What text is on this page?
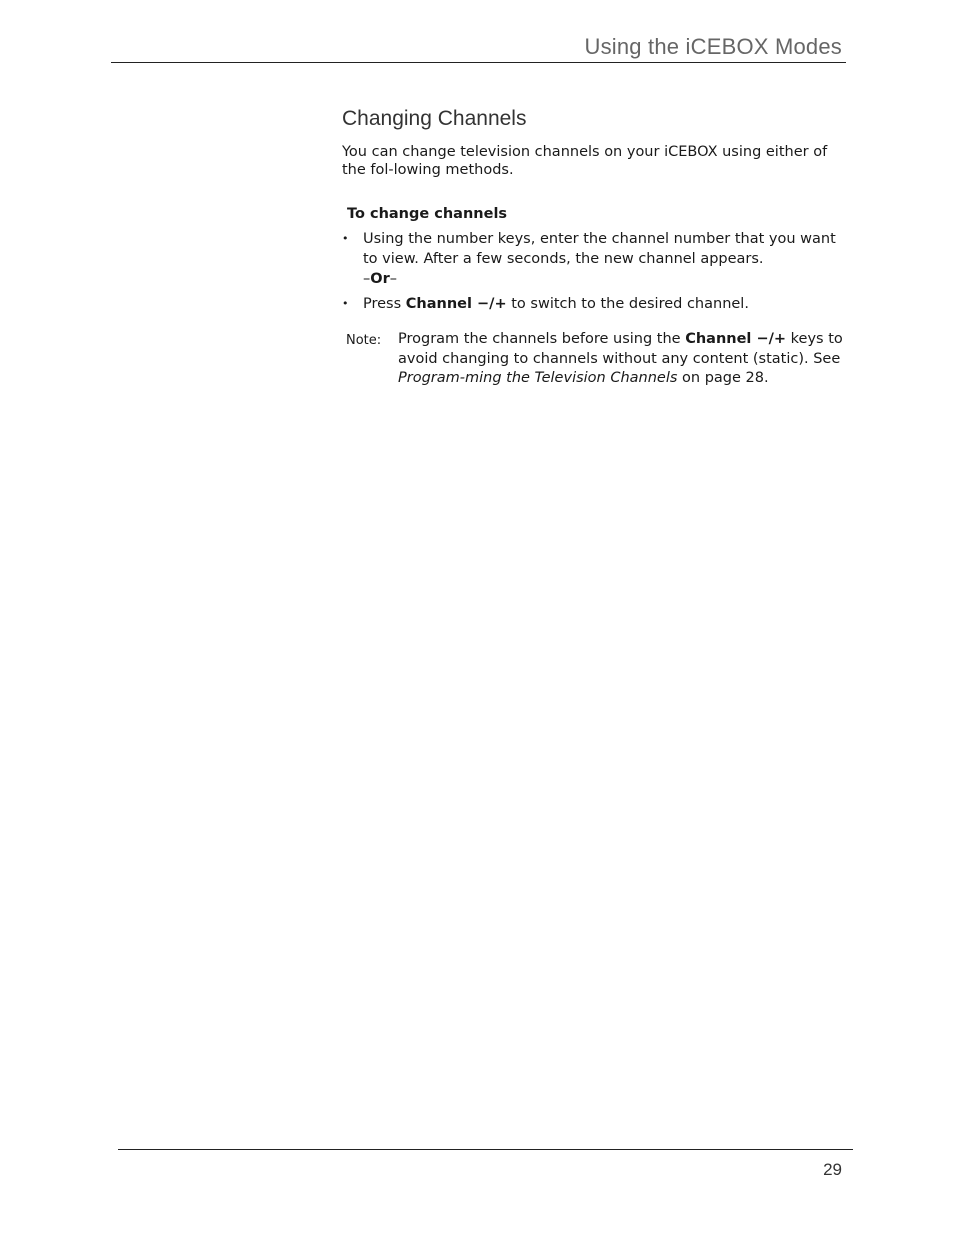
Using the iCEBOX Modes
Changing Channels

You can change television channels on your iCEBOX using either of the fol-lowing methods.

To change channels
• Using the number keys, enter the channel number that you want to view. After a few seconds, the new channel appears.
–Or–
• Press Channel −/+ to switch to the desired channel.
Note: Program the channels before using the Channel −/+ keys to avoid changing to channels without any content (static). See Program-ming the Television Channels on page 28.
29
